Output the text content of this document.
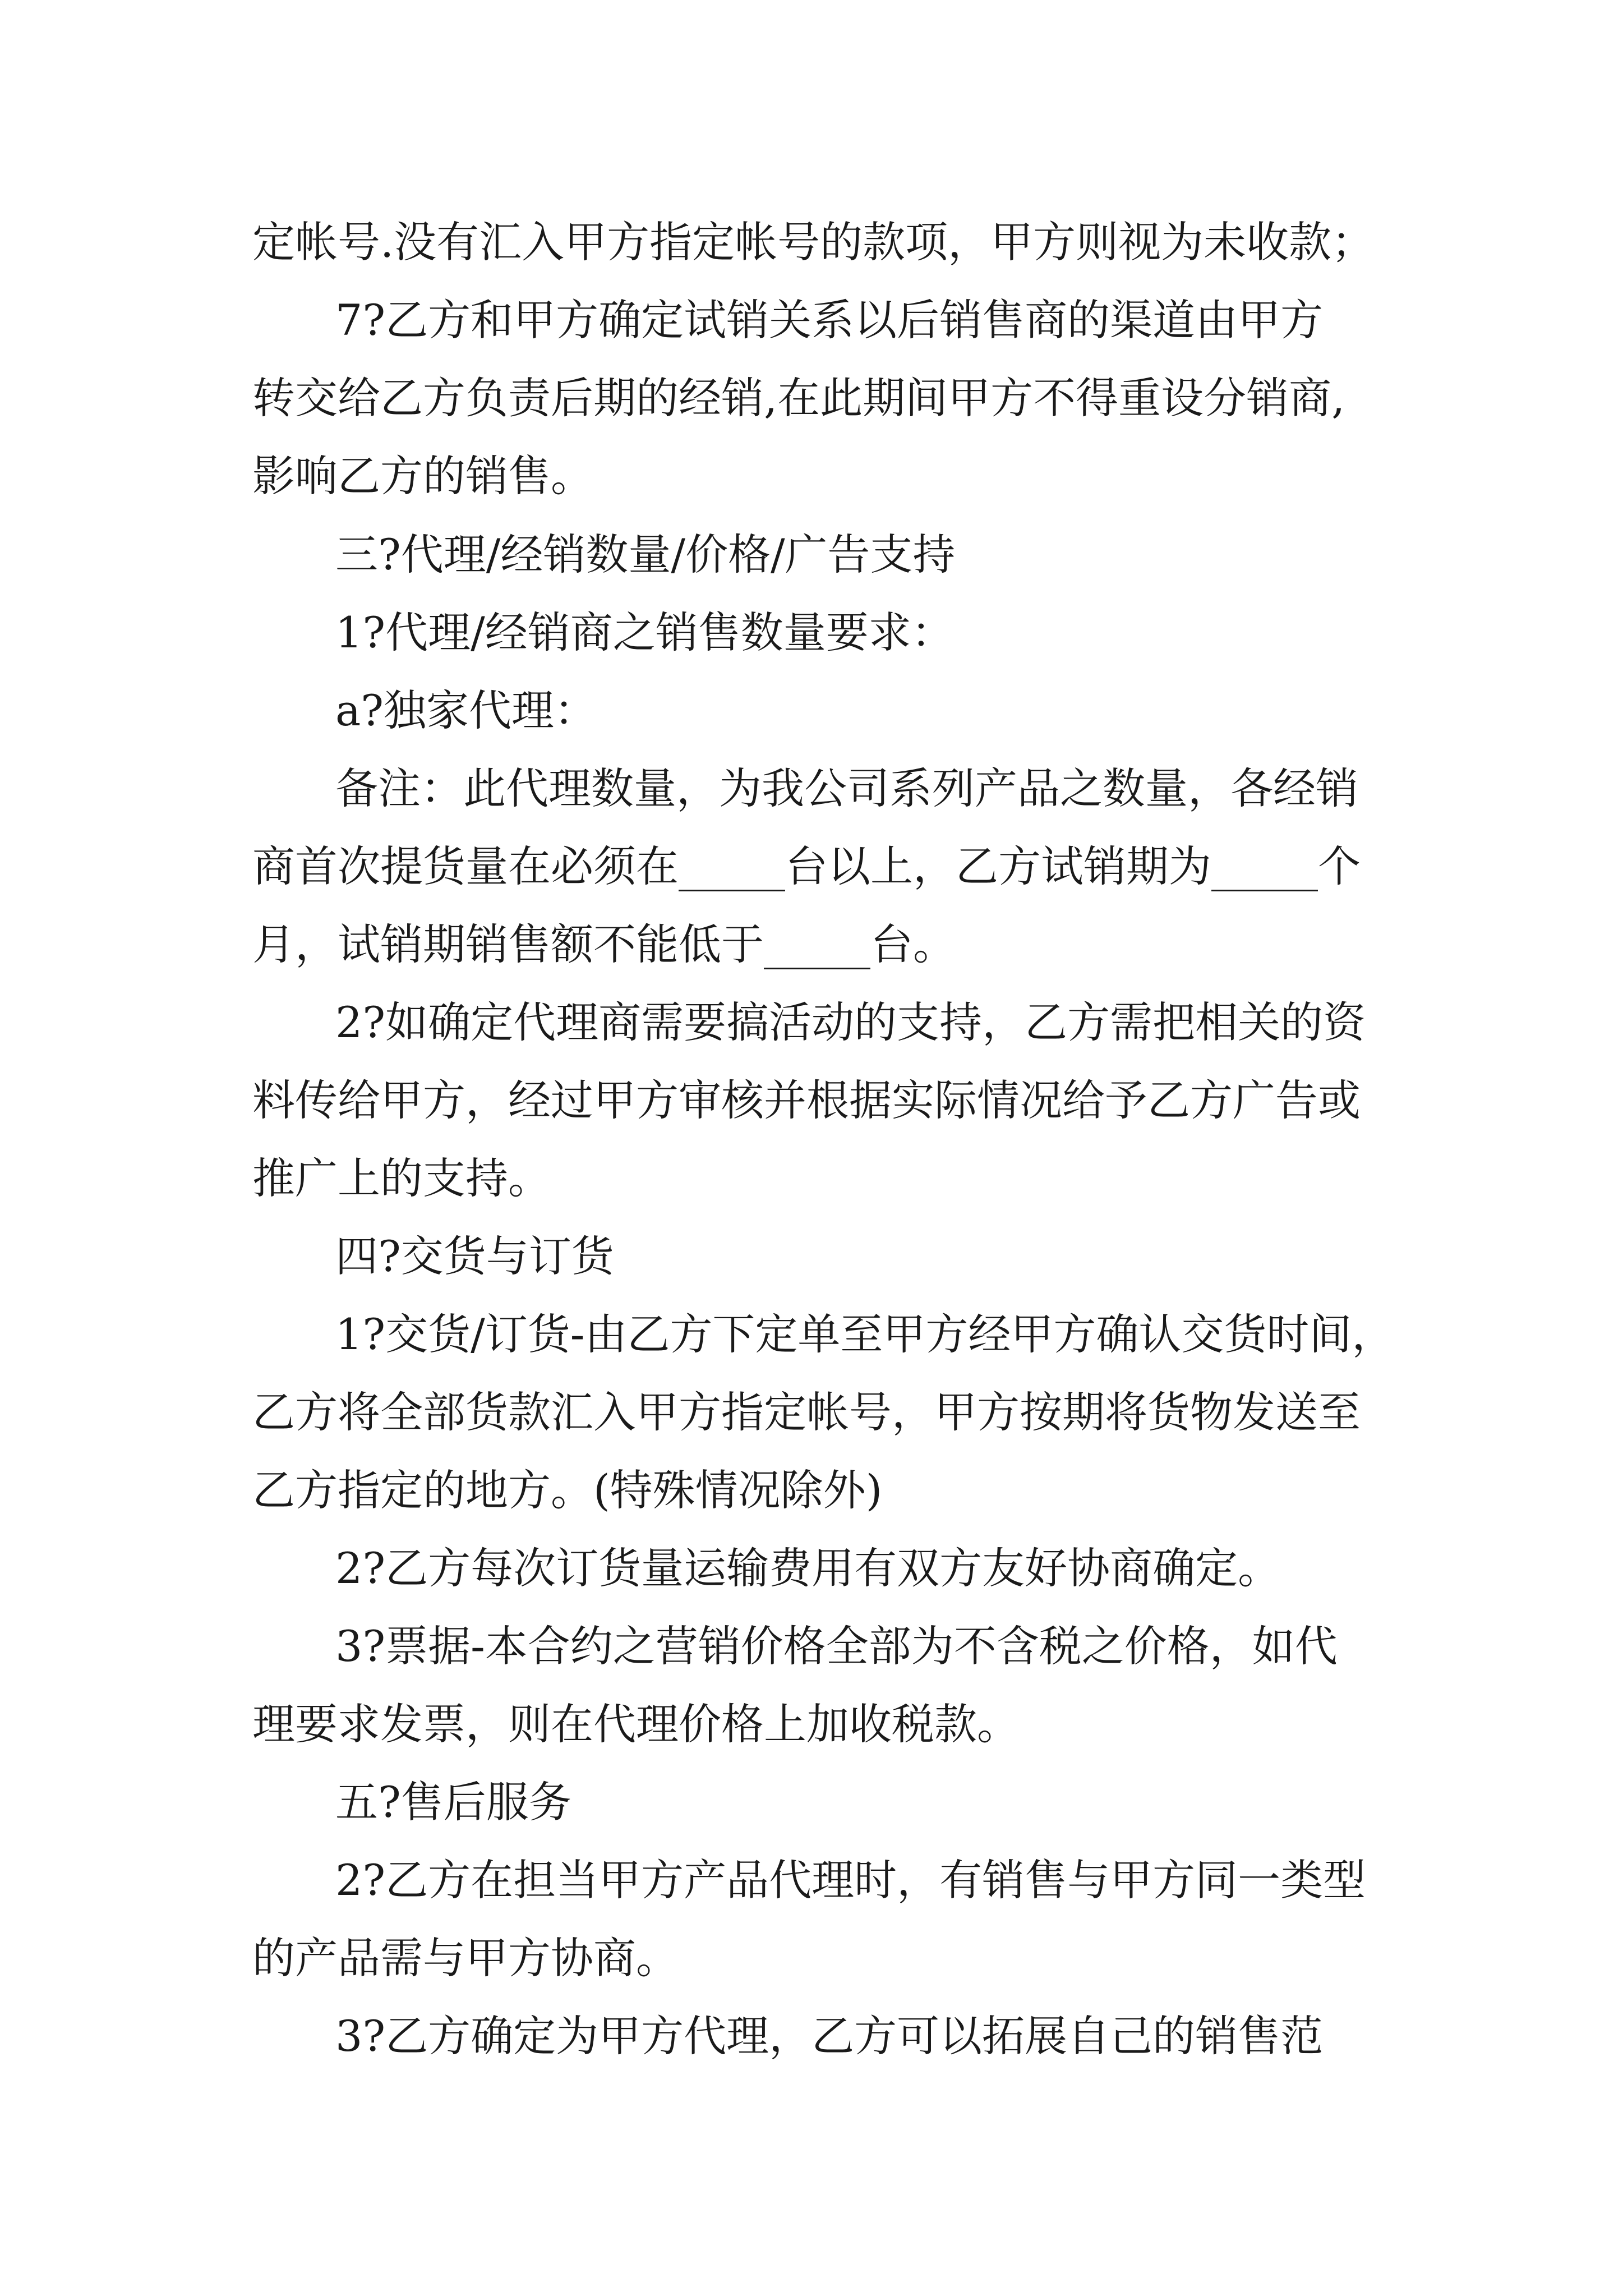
定帐号.没有汇入甲方指定帐号的款项，甲方则视为未收款；

7?乙方和甲方确定试销关系以后销售商的渠道由甲方

转交给乙方负责后期的经销,在此期间甲方不得重设分销商,

影响乙方的销售。

三?代理/经销数量/价格/广告支持

1?代理/经销商之销售数量要求：

a?独家代理：

备注：此代理数量，为我公司系列产品之数量，各经销

商首次提货量在必须在_____台以上，乙方试销期为_____个

月，试销期销售额不能低于_____台。

2?如确定代理商需要搞活动的支持，乙方需把相关的资

料传给甲方，经过甲方审核并根据实际情况给予乙方广告或

推广上的支持。

四?交货与订货

1?交货/订货-由乙方下定单至甲方经甲方确认交货时间，

乙方将全部货款汇入甲方指定帐号，甲方按期将货物发送至

乙方指定的地方。(特殊情况除外)

2?乙方每次订货量运输费用有双方友好协商确定。

3?票据-本合约之营销价格全部为不含税之价格，如代

理要求发票，则在代理价格上加收税款。

五?售后服务

2?乙方在担当甲方产品代理时，有销售与甲方同一类型

的产品需与甲方协商。

3?乙方确定为甲方代理，乙方可以拓展自己的销售范
